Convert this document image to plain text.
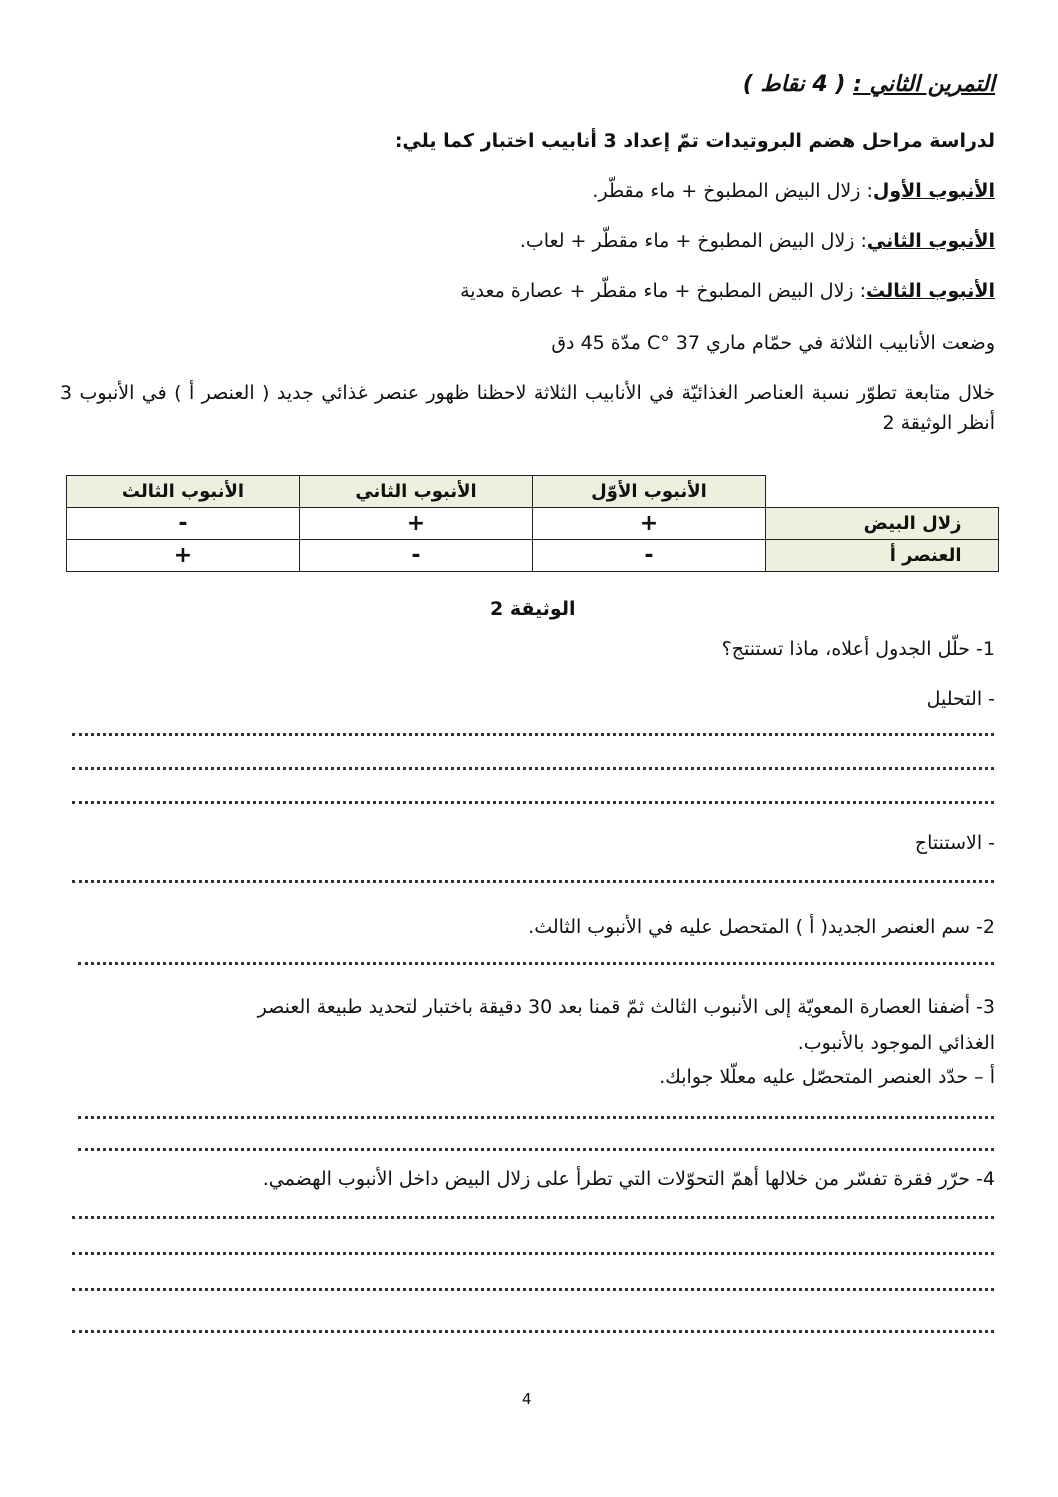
التمرين الثاني : ( 4 نقاط )
لدراسة مراحل هضم البروتيدات تمّ إعداد 3 أنابيب اختبار كما يلي:
الأنبوب الأول: زلال البيض المطبوخ + ماء مقطّر.
الأنبوب الثاني: زلال البيض المطبوخ + ماء مقطّر + لعاب.
الأنبوب الثالث: زلال البيض المطبوخ + ماء مقطّر + عصارة معدية
وضعت الأنابيب الثلاثة في حمّام ماري C° 37 مدّة 45 دق
خلال متابعة تطوّر نسبة العناصر الغذائيّة في الأنابيب الثلاثة لاحظنا ظهور عنصر غذائي جديد ( العنصر أ ) في الأنبوب 3 أنظر الوثيقة 2
	الأنبوب الأوّل	الأنبوب الثاني	الأنبوب الثالث
زلال البيض	+	+	-
العنصر أ	-	-	+
الوثيقة 2
1- حلّل الجدول أعلاه، ماذا تستنتج؟
- التحليل
- الاستنتاج
2- سم العنصر الجديد( أ ) المتحصل عليه في الأنبوب الثالث.
3- أضفنا العصارة المعويّة إلى الأنبوب الثالث ثمّ قمنا بعد 30 دقيقة باختبار لتحديد طبيعة العنصر
الغذائي الموجود بالأنبوب.
أ – حدّد العنصر المتحصّل عليه معلّلا جوابك.
4- حرّر فقرة تفسّر من خلالها أهمّ التحوّلات التي تطرأ على زلال البيض داخل الأنبوب الهضمي.
4
